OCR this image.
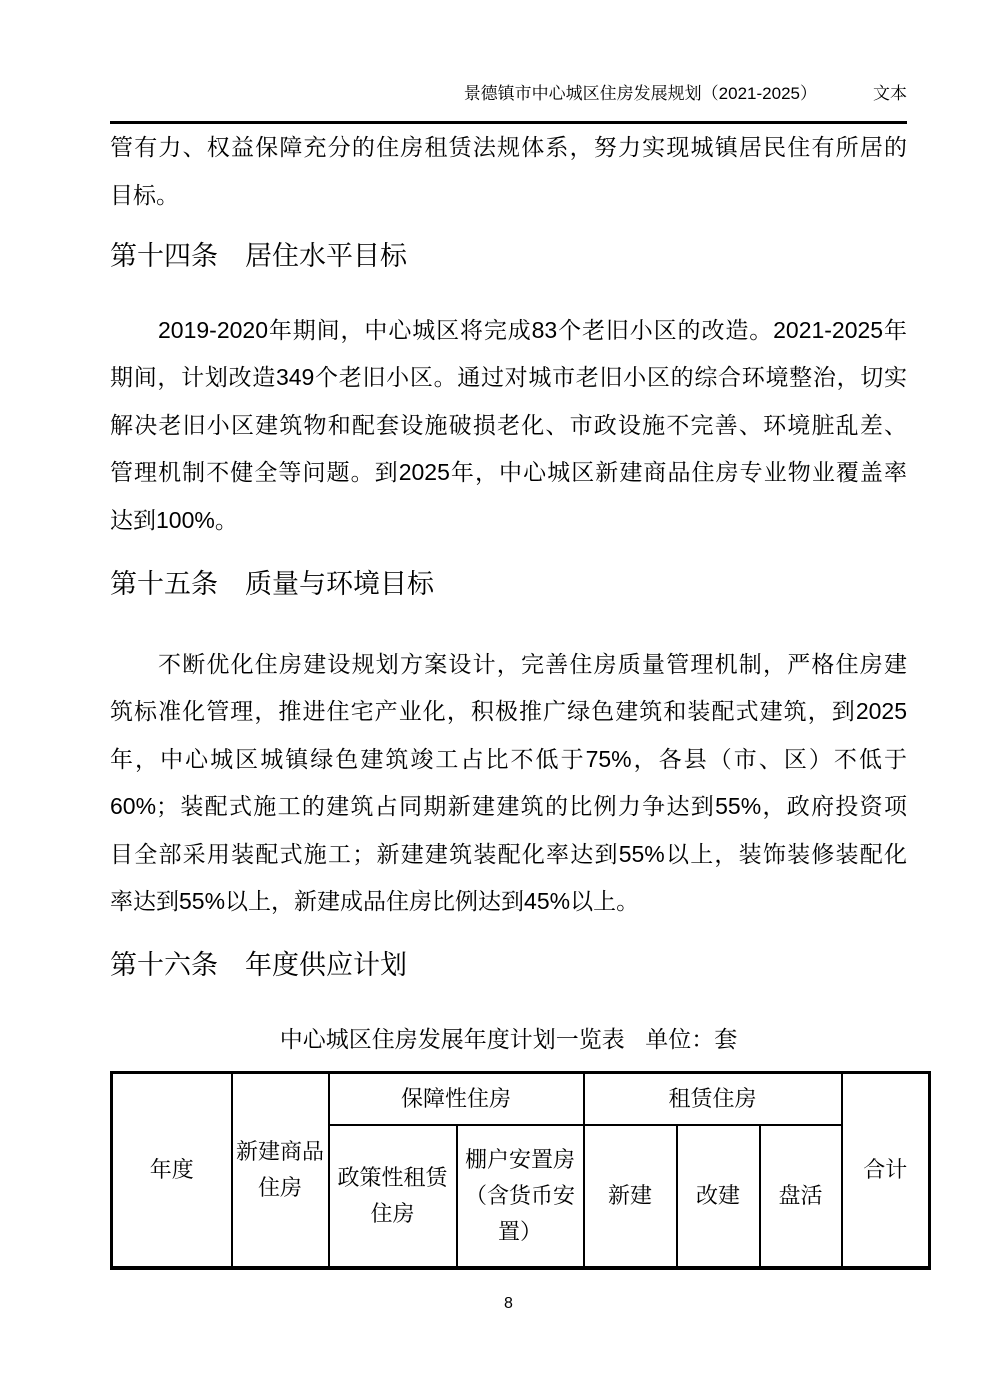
景德镇市中心城区住房发展规划（2021-2025）	文本
管有力、权益保障充分的住房租赁法规体系，努力实现城镇居民住有所居的
目标。
第十四条　居住水平目标
2019-2020年期间，中心城区将完成83个老旧小区的改造。2021-2025年
期间，计划改造349个老旧小区。通过对城市老旧小区的综合环境整治，切实
解决老旧小区建筑物和配套设施破损老化、市政设施不完善、环境脏乱差、
管理机制不健全等问题。到2025年，中心城区新建商品住房专业物业覆盖率
达到100%。
第十五条　质量与环境目标
不断优化住房建设规划方案设计，完善住房质量管理机制，严格住房建
筑标准化管理，推进住宅产业化，积极推广绿色建筑和装配式建筑，到2025
年，中心城区城镇绿色建筑竣工占比不低于75%，各县（市、区）不低于
60%；装配式施工的建筑占同期新建建筑的比例力争达到55%，政府投资项
目全部采用装配式施工；新建建筑装配化率达到55%以上，装饰装修装配化
率达到55%以上，新建成品住房比例达到45%以上。
第十六条　年度供应计划
中心城区住房发展年度计划一览表 单位：套
年度	新建商品住房	保障性住房		租赁住房			合计
		政策性租赁住房	棚户安置房（含货币安置）	新建	改建	盘活	
8
